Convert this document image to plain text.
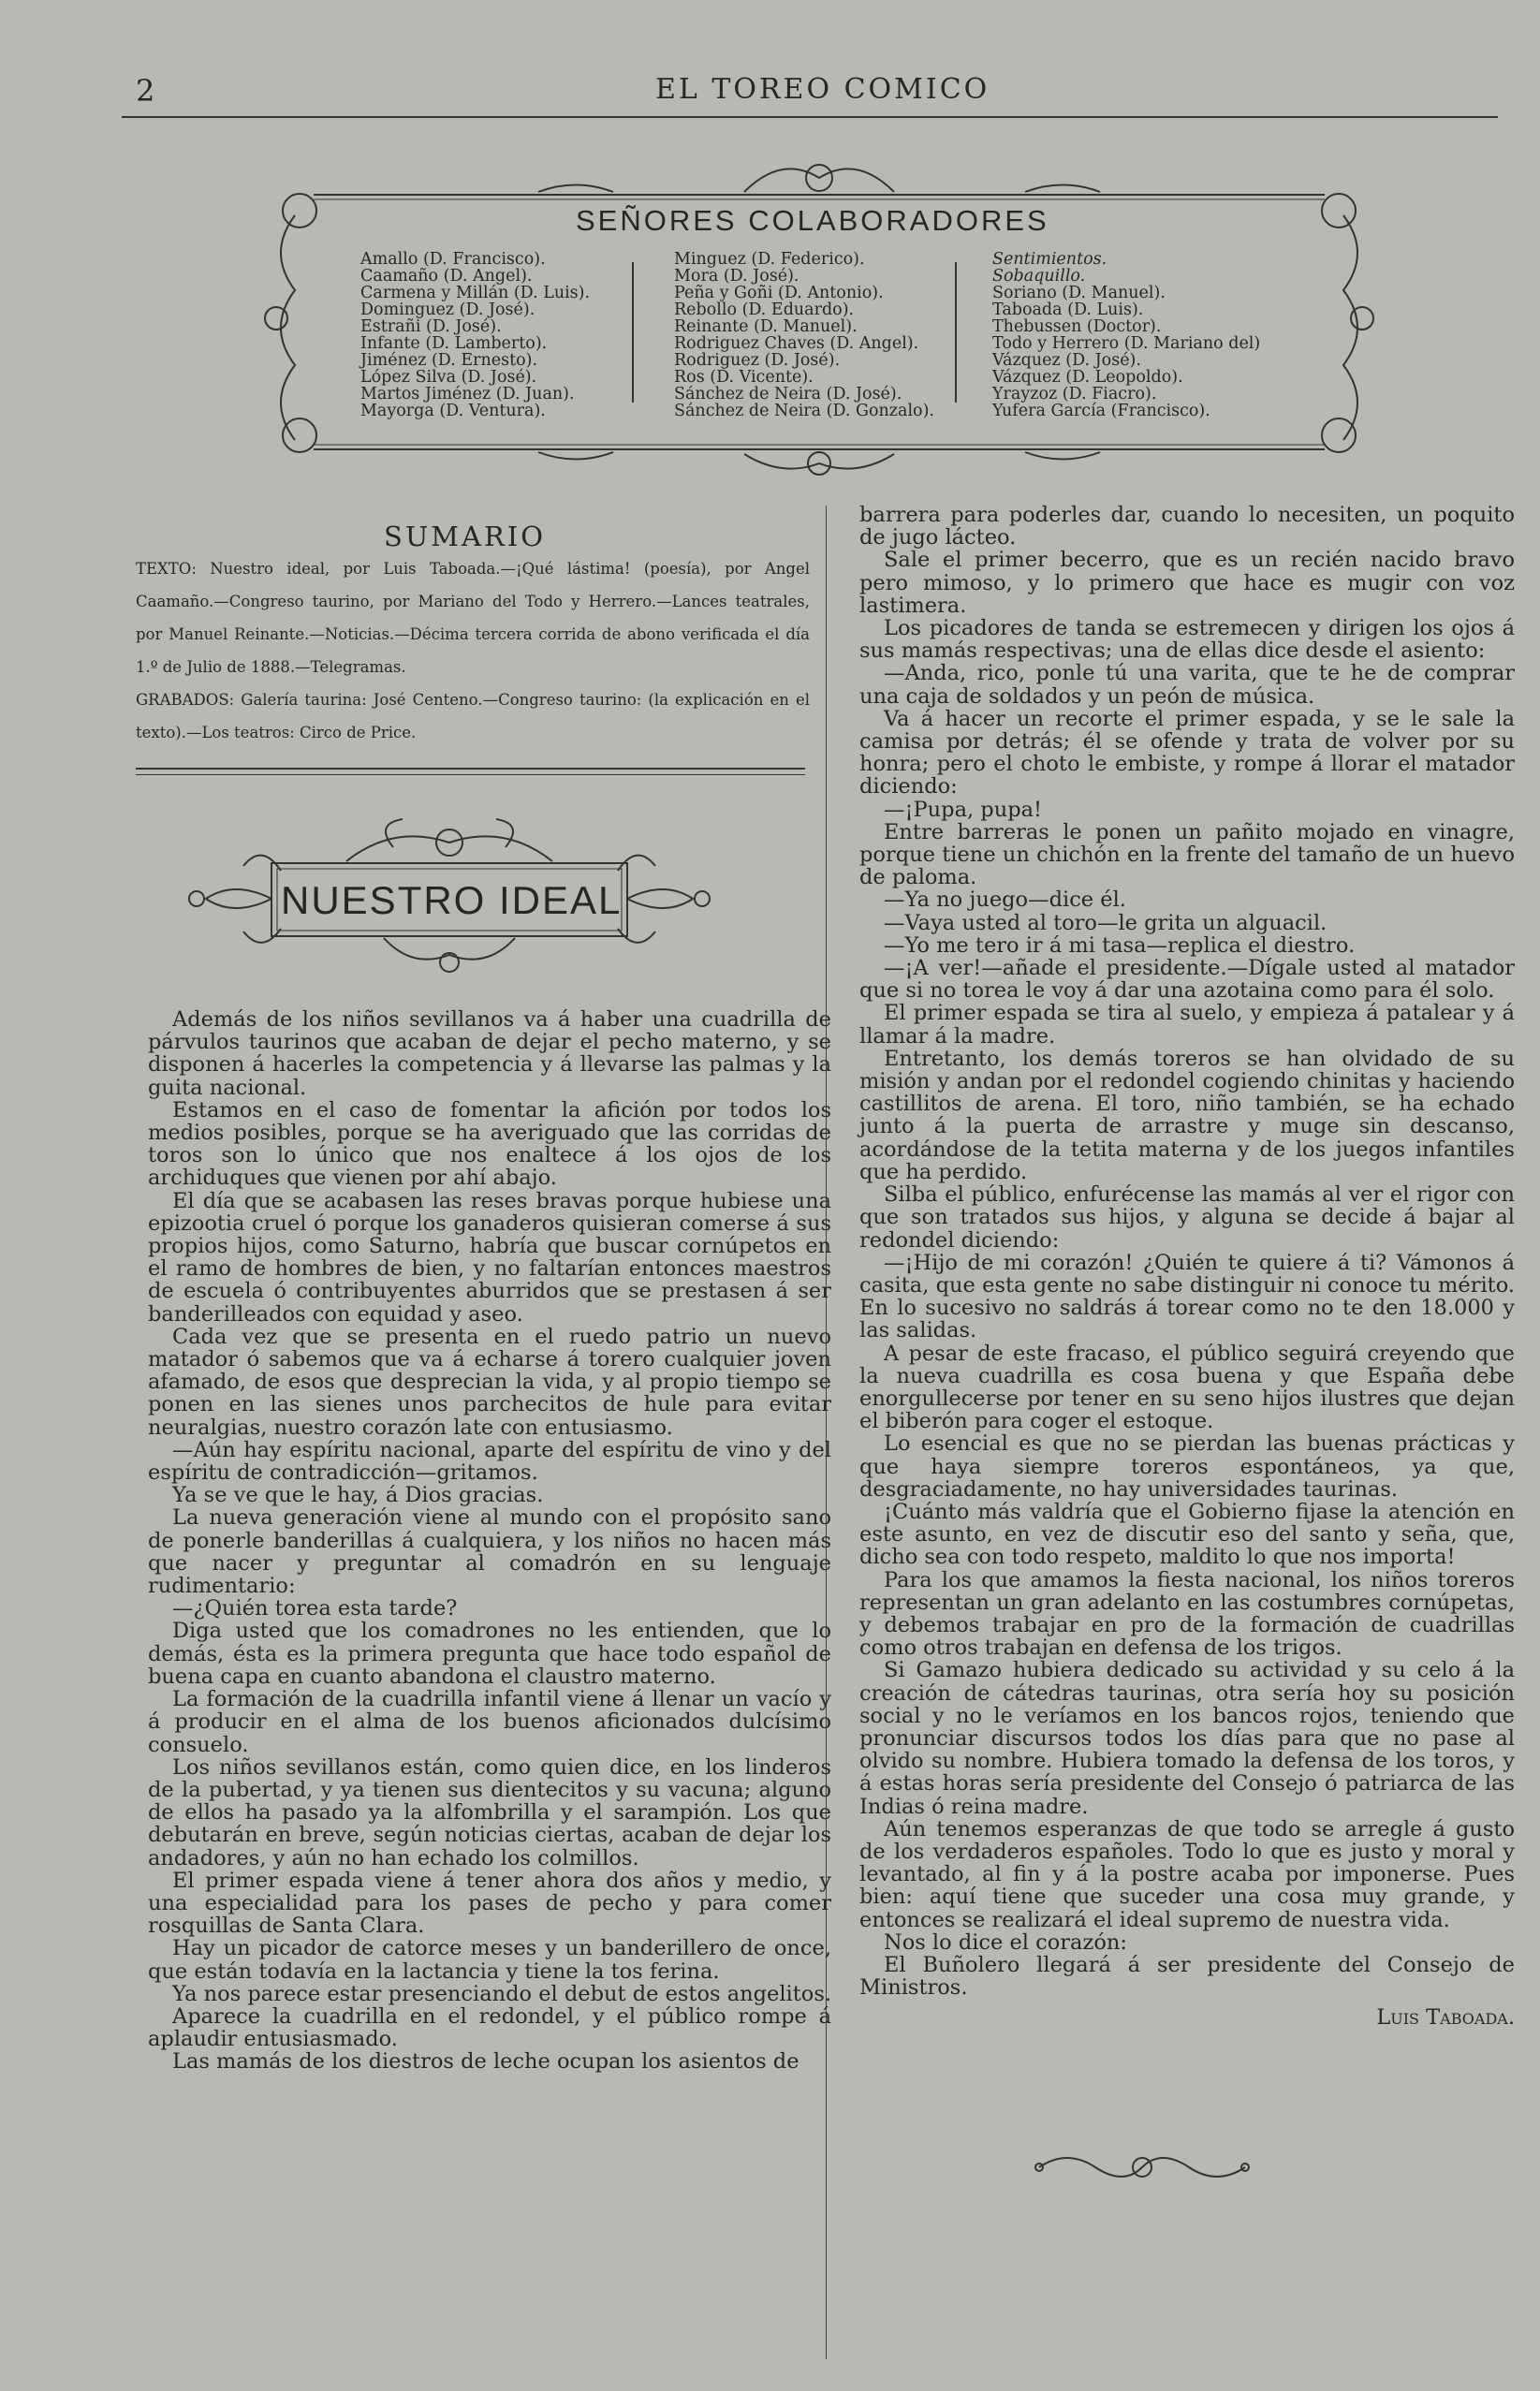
2	EL TOREO COMICO
SEÑORES COLABORADORES
Amallo (D. Francisco).
Caamaño (D. Angel).
Carmena y Millán (D. Luis).
Dominguez (D. José).
Estrañi (D. José).
Infante (D. Lamberto).
Jiménez (D. Ernesto).
López Silva (D. José).
Martos Jiménez (D. Juan).
Mayorga (D. Ventura).
Minguez (D. Federico).
Mora (D. José).
Peña y Goñi (D. Antonio).
Rebollo (D. Eduardo).
Reinante (D. Manuel).
Rodriguez Chaves (D. Angel).
Rodriguez (D. José).
Ros (D. Vicente).
Sánchez de Neira (D. José).
Sánchez de Neira (D. Gonzalo).
Sentimientos.
Sobaquillo.
Soriano (D. Manuel).
Taboada (D. Luis).
Thebussen (Doctor).
Todo y Herrero (D. Mariano del)
Vázquez (D. José).
Vázquez (D. Leopoldo).
Yrayzoz (D. Fiacro).
Yufera García (Francisco).
SUMARIO

TEXTO: Nuestro ideal, por Luis Taboada.—¡Qué lástima! (poesía), por Angel Caamaño.—Congreso taurino, por Mariano del Todo y Herrero.—Lances teatrales, por Manuel Reinante.—Noticias.—Décima tercera corrida de abono verificada el día 1.º de Julio de 1888.—Telegramas.

GRABADOS: Galería taurina: José Centeno.—Congreso taurino: (la explicación en el texto).—Los teatros: Circo de Price.

NUESTRO IDEAL

Además de los niños sevillanos va á haber una cuadrilla de párvulos taurinos que acaban de dejar el pecho materno, y se disponen á hacerles la competencia y á llevarse las palmas y la guita nacional.

Estamos en el caso de fomentar la afición por todos los medios posibles, porque se ha averiguado que las corridas de toros son lo único que nos enaltece á los ojos de los archiduques que vienen por ahí abajo.

El día que se acabasen las reses bravas porque hubiese una epizootia cruel ó porque los ganaderos quisieran comerse á sus propios hijos, como Saturno, habría que buscar cornúpetos en el ramo de hombres de bien, y no faltarían entonces maestros de escuela ó contribuyentes aburridos que se prestasen á ser banderilleados con equidad y aseo.

Cada vez que se presenta en el ruedo patrio un nuevo matador ó sabemos que va á echarse á torero cualquier joven afamado, de esos que desprecian la vida, y al propio tiempo se ponen en las sienes unos parchecitos de hule para evitar neuralgias, nuestro corazón late con entusiasmo.

—Aún hay espíritu nacional, aparte del espíritu de vino y del espíritu de contradicción—gritamos.

Ya se ve que le hay, á Dios gracias.

La nueva generación viene al mundo con el propósito sano de ponerle banderillas á cualquiera, y los niños no hacen más que nacer y preguntar al comadrón en su lenguaje rudimentario:

—¿Quién torea esta tarde?

Diga usted que los comadrones no les entienden, que lo demás, ésta es la primera pregunta que hace todo español de buena capa en cuanto abandona el claustro materno.

La formación de la cuadrilla infantil viene á llenar un vacío y á producir en el alma de los buenos aficionados dulcísimo consuelo.

Los niños sevillanos están, como quien dice, en los linderos de la pubertad, y ya tienen sus dientecitos y su vacuna; alguno de ellos ha pasado ya la alfombrilla y el sarampión. Los que debutarán en breve, según noticias ciertas, acaban de dejar los andadores, y aún no han echado los colmillos.

El primer espada viene á tener ahora dos años y medio, y una especialidad para los pases de pecho y para comer rosquillas de Santa Clara.

Hay un picador de catorce meses y un banderillero de once, que están todavía en la lactancia y tiene la tos ferina.

Ya nos parece estar presenciando el debut de estos angelitos.

Aparece la cuadrilla en el redondel, y el público rompe á aplaudir entusiasmado.

Las mamás de los diestros de leche ocupan los asientos de

barrera para poderles dar, cuando lo necesiten, un poquito de jugo lácteo.

Sale el primer becerro, que es un recién nacido bravo pero mimoso, y lo primero que hace es mugir con voz lastimera.

Los picadores de tanda se estremecen y dirigen los ojos á sus mamás respectivas; una de ellas dice desde el asiento:

—Anda, rico, ponle tú una varita, que te he de comprar una caja de soldados y un peón de música.

Va á hacer un recorte el primer espada, y se le sale la camisa por detrás; él se ofende y trata de volver por su honra; pero el choto le embiste, y rompe á llorar el matador diciendo:

—¡Pupa, pupa!

Entre barreras le ponen un pañito mojado en vinagre, porque tiene un chichón en la frente del tamaño de un huevo de paloma.

—Ya no juego—dice él.

—Vaya usted al toro—le grita un alguacil.

—Yo me tero ir á mi tasa—replica el diestro.

—¡A ver!—añade el presidente.—Dígale usted al matador que si no torea le voy á dar una azotaina como para él solo.

El primer espada se tira al suelo, y empieza á patalear y á llamar á la madre.

Entretanto, los demás toreros se han olvidado de su misión y andan por el redondel cogiendo chinitas y haciendo castillitos de arena. El toro, niño también, se ha echado junto á la puerta de arrastre y muge sin descanso, acordándose de la tetita materna y de los juegos infantiles que ha perdido.

Silba el público, enfurécense las mamás al ver el rigor con que son tratados sus hijos, y alguna se decide á bajar al redondel diciendo:

—¡Hijo de mi corazón! ¿Quién te quiere á ti? Vámonos á casita, que esta gente no sabe distinguir ni conoce tu mérito. En lo sucesivo no saldrás á torear como no te den 18.000 y las salidas.

A pesar de este fracaso, el público seguirá creyendo que la nueva cuadrilla es cosa buena y que España debe enorgullecerse por tener en su seno hijos ilustres que dejan el biberón para coger el estoque.

Lo esencial es que no se pierdan las buenas prácticas y que haya siempre toreros espontáneos, ya que, desgraciadamente, no hay universidades taurinas.

¡Cuánto más valdría que el Gobierno fijase la atención en este asunto, en vez de discutir eso del santo y seña, que, dicho sea con todo respeto, maldito lo que nos importa!

Para los que amamos la fiesta nacional, los niños toreros representan un gran adelanto en las costumbres cornúpetas, y debemos trabajar en pro de la formación de cuadrillas como otros trabajan en defensa de los trigos.

Si Gamazo hubiera dedicado su actividad y su celo á la creación de cátedras taurinas, otra sería hoy su posición social y no le veríamos en los bancos rojos, teniendo que pronunciar discursos todos los días para que no pase al olvido su nombre. Hubiera tomado la defensa de los toros, y á estas horas sería presidente del Consejo ó patriarca de las Indias ó reina madre.

Aún tenemos esperanzas de que todo se arregle á gusto de los verdaderos españoles. Todo lo que es justo y moral y levantado, al fin y á la postre acaba por imponerse. Pues bien: aquí tiene que suceder una cosa muy grande, y entonces se realizará el ideal supremo de nuestra vida.

Nos lo dice el corazón:

El Buñolero llegará á ser presidente del Consejo de Ministros.

Luis Taboada.
